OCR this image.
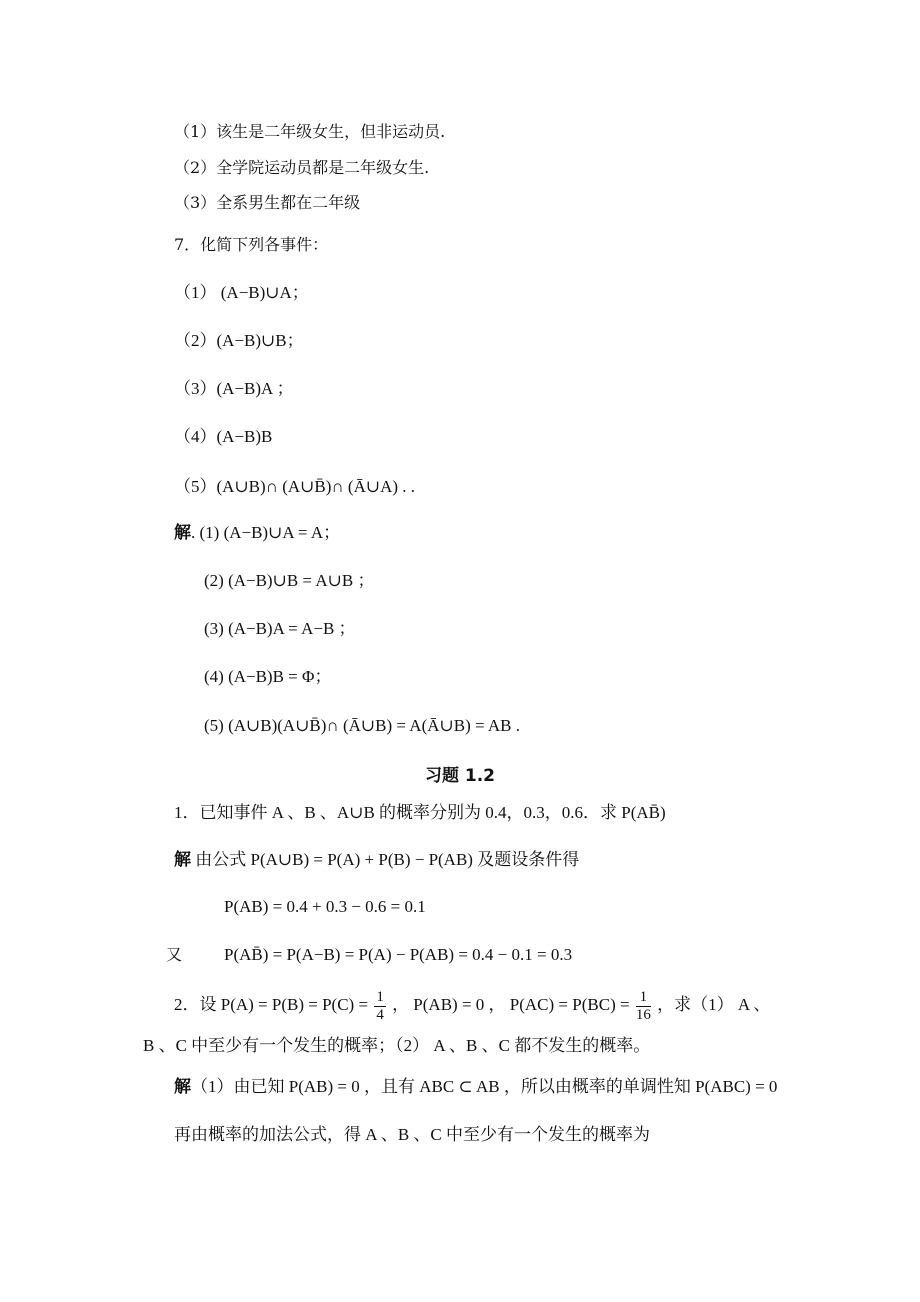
（1）该生是二年级女生，但非运动员.
（2）全学院运动员都是二年级女生.
（3）全系男生都在二年级
7．化简下列各事件：
（1） (A−B)∪A；
（2）(A−B)∪B；
（3）(A−B)A ；
（4）(A−B)B
（5）(A∪B)∩ (A∪B̄)∩ (Ā∪A) . .
解. (1) (A−B)∪A = A；
(2) (A−B)∪B = A∪B ；
(3) (A−B)A = A−B ；
(4) (A−B)B = Φ；
(5) (A∪B)(A∪B̄)∩ (Ā∪B) = A(Ā∪B) = AB .
习题 1.2
1．已知事件 A 、B 、A∪B 的概率分别为 0.4，0.3，0.6．求 P(AB̄)
解 由公式 P(A∪B) = P(A) + P(B) − P(AB) 及题设条件得
P(AB) = 0.4 + 0.3 − 0.6 = 0.1
又 P(AB̄) = P(A−B) = P(A) − P(AB) = 0.4 − 0.1 = 0.3
2．设 $P(A) = P(B) = P(C) = \frac{1}{4}$ ， P(AB) = 0 ， $P(AC) = P(BC) = \frac{1}{16}$ ，求（1） A 、
B 、C 中至少有一个发生的概率；（2） A 、B 、C 都不发生的概率。
解（1）由已知 P(AB) = 0 ，且有 ABC ⊂ AB ，所以由概率的单调性知 P(ABC) = 0
再由概率的加法公式，得 A 、B 、C 中至少有一个发生的概率为
